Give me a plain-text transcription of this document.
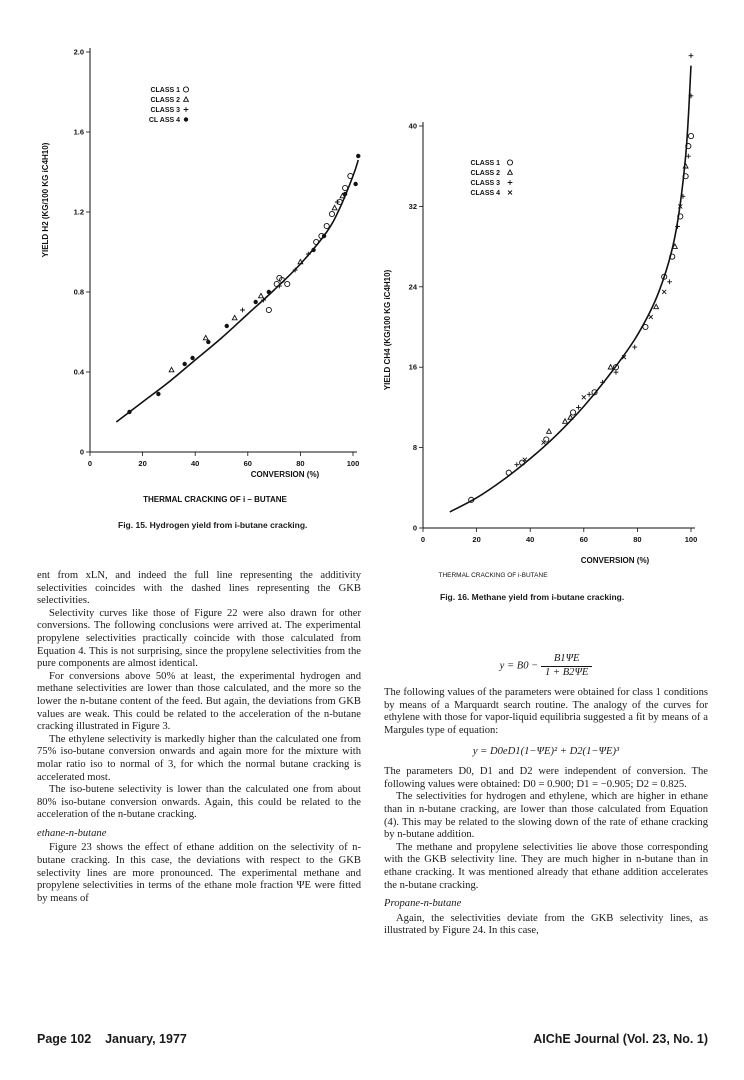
0	20	40	60	80	100
0
0.4
0.8
1.2
1.6
2.0
CLASS 1
CLASS 2
CLASS 3
CL ASS 4
CONVERSION (%)
THERMAL CRACKING OF i – BUTANE
YIELD H2 (KG/100 KG iC4H10)
Fig. 15. Hydrogen yield from i-butane cracking.
0	20	40	60	80	100
0
8
16
24
32
40
CLASS 1
CLASS 2
CLASS 3
CLASS 4
CONVERSION (%)
THERMAL CRACKING OF i-BUTANE
YIELD CH4 (KG/100 KG iC4H10)
Fig. 16. Methane yield from i-butane cracking.

ent from xLN, and indeed the full line representing the additivity selectivities coincides with the dashed lines representing the GKB selectivities.

Selectivity curves like those of Figure 22 were also drawn for other conversions. The following conclusions were arrived at. The experimental propylene selectivities practically coincide with those calculated from Equation 4. This is not surprising, since the propylene selectivities from the pure components are almost identical.

For conversions above 50% at least, the experimental hydrogen and methane selectivities are lower than those calculated, and the more so the lower the n-butane content of the feed. But again, the deviations from GKB values are weak. This could be related to the acceleration of the n-butane cracking illustrated in Figure 3.

The ethylene selectivity is markedly higher than the calculated one from 75% iso-butane conversion onwards and again more for the mixture with molar ratio iso to normal of 3, for which the normal butane cracking is accelerated most.

The iso-butene selectivity is lower than the calculated one from about 80% iso-butane conversion onwards. Again, this could be related to the acceleration of the n-butane cracking.

ethane-n-butane

Figure 23 shows the effect of ethane addition on the selectivity of n-butane cracking. In this case, the deviations with respect to the GKB selectivity lines are more pronounced. The experimental methane and propylene selectivities in terms of the ethane mole fraction ΨE were fitted by means of

$y = B0 - \frac{B1\Psi E}{1 + B2\Psi E}$

The following values of the parameters were obtained for class 1 conditions by means of a Marquardt search routine. The analogy of the curves for ethylene with those for vapor-liquid equilibria suggested a fit by means of a Margules type of equation:

y = D0eD1(1−ΨE)² + D2(1−ΨE)³

The parameters D0, D1 and D2 were independent of conversion. The following values were obtained: D0 = 0.900; D1 = −0.905; D2 = 0.825.

The selectivities for hydrogen and ethylene, which are higher in ethane than in n-butane cracking, are lower than those calculated from Equation (4). This may be related to the slowing down of the rate of ethane cracking by n-butane addition.

The methane and propylene selectivities lie above those corresponding with the GKB selectivity line. They are much higher in n-butane than in ethane cracking. It was mentioned already that ethane addition accelerates the n-butane cracking.

Propane-n-butane

Again, the selectivities deviate from the GKB selectivity lines, as illustrated by Figure 24. In this case,

Page 102    January, 1977	AIChE Journal (Vol. 23, No. 1)
